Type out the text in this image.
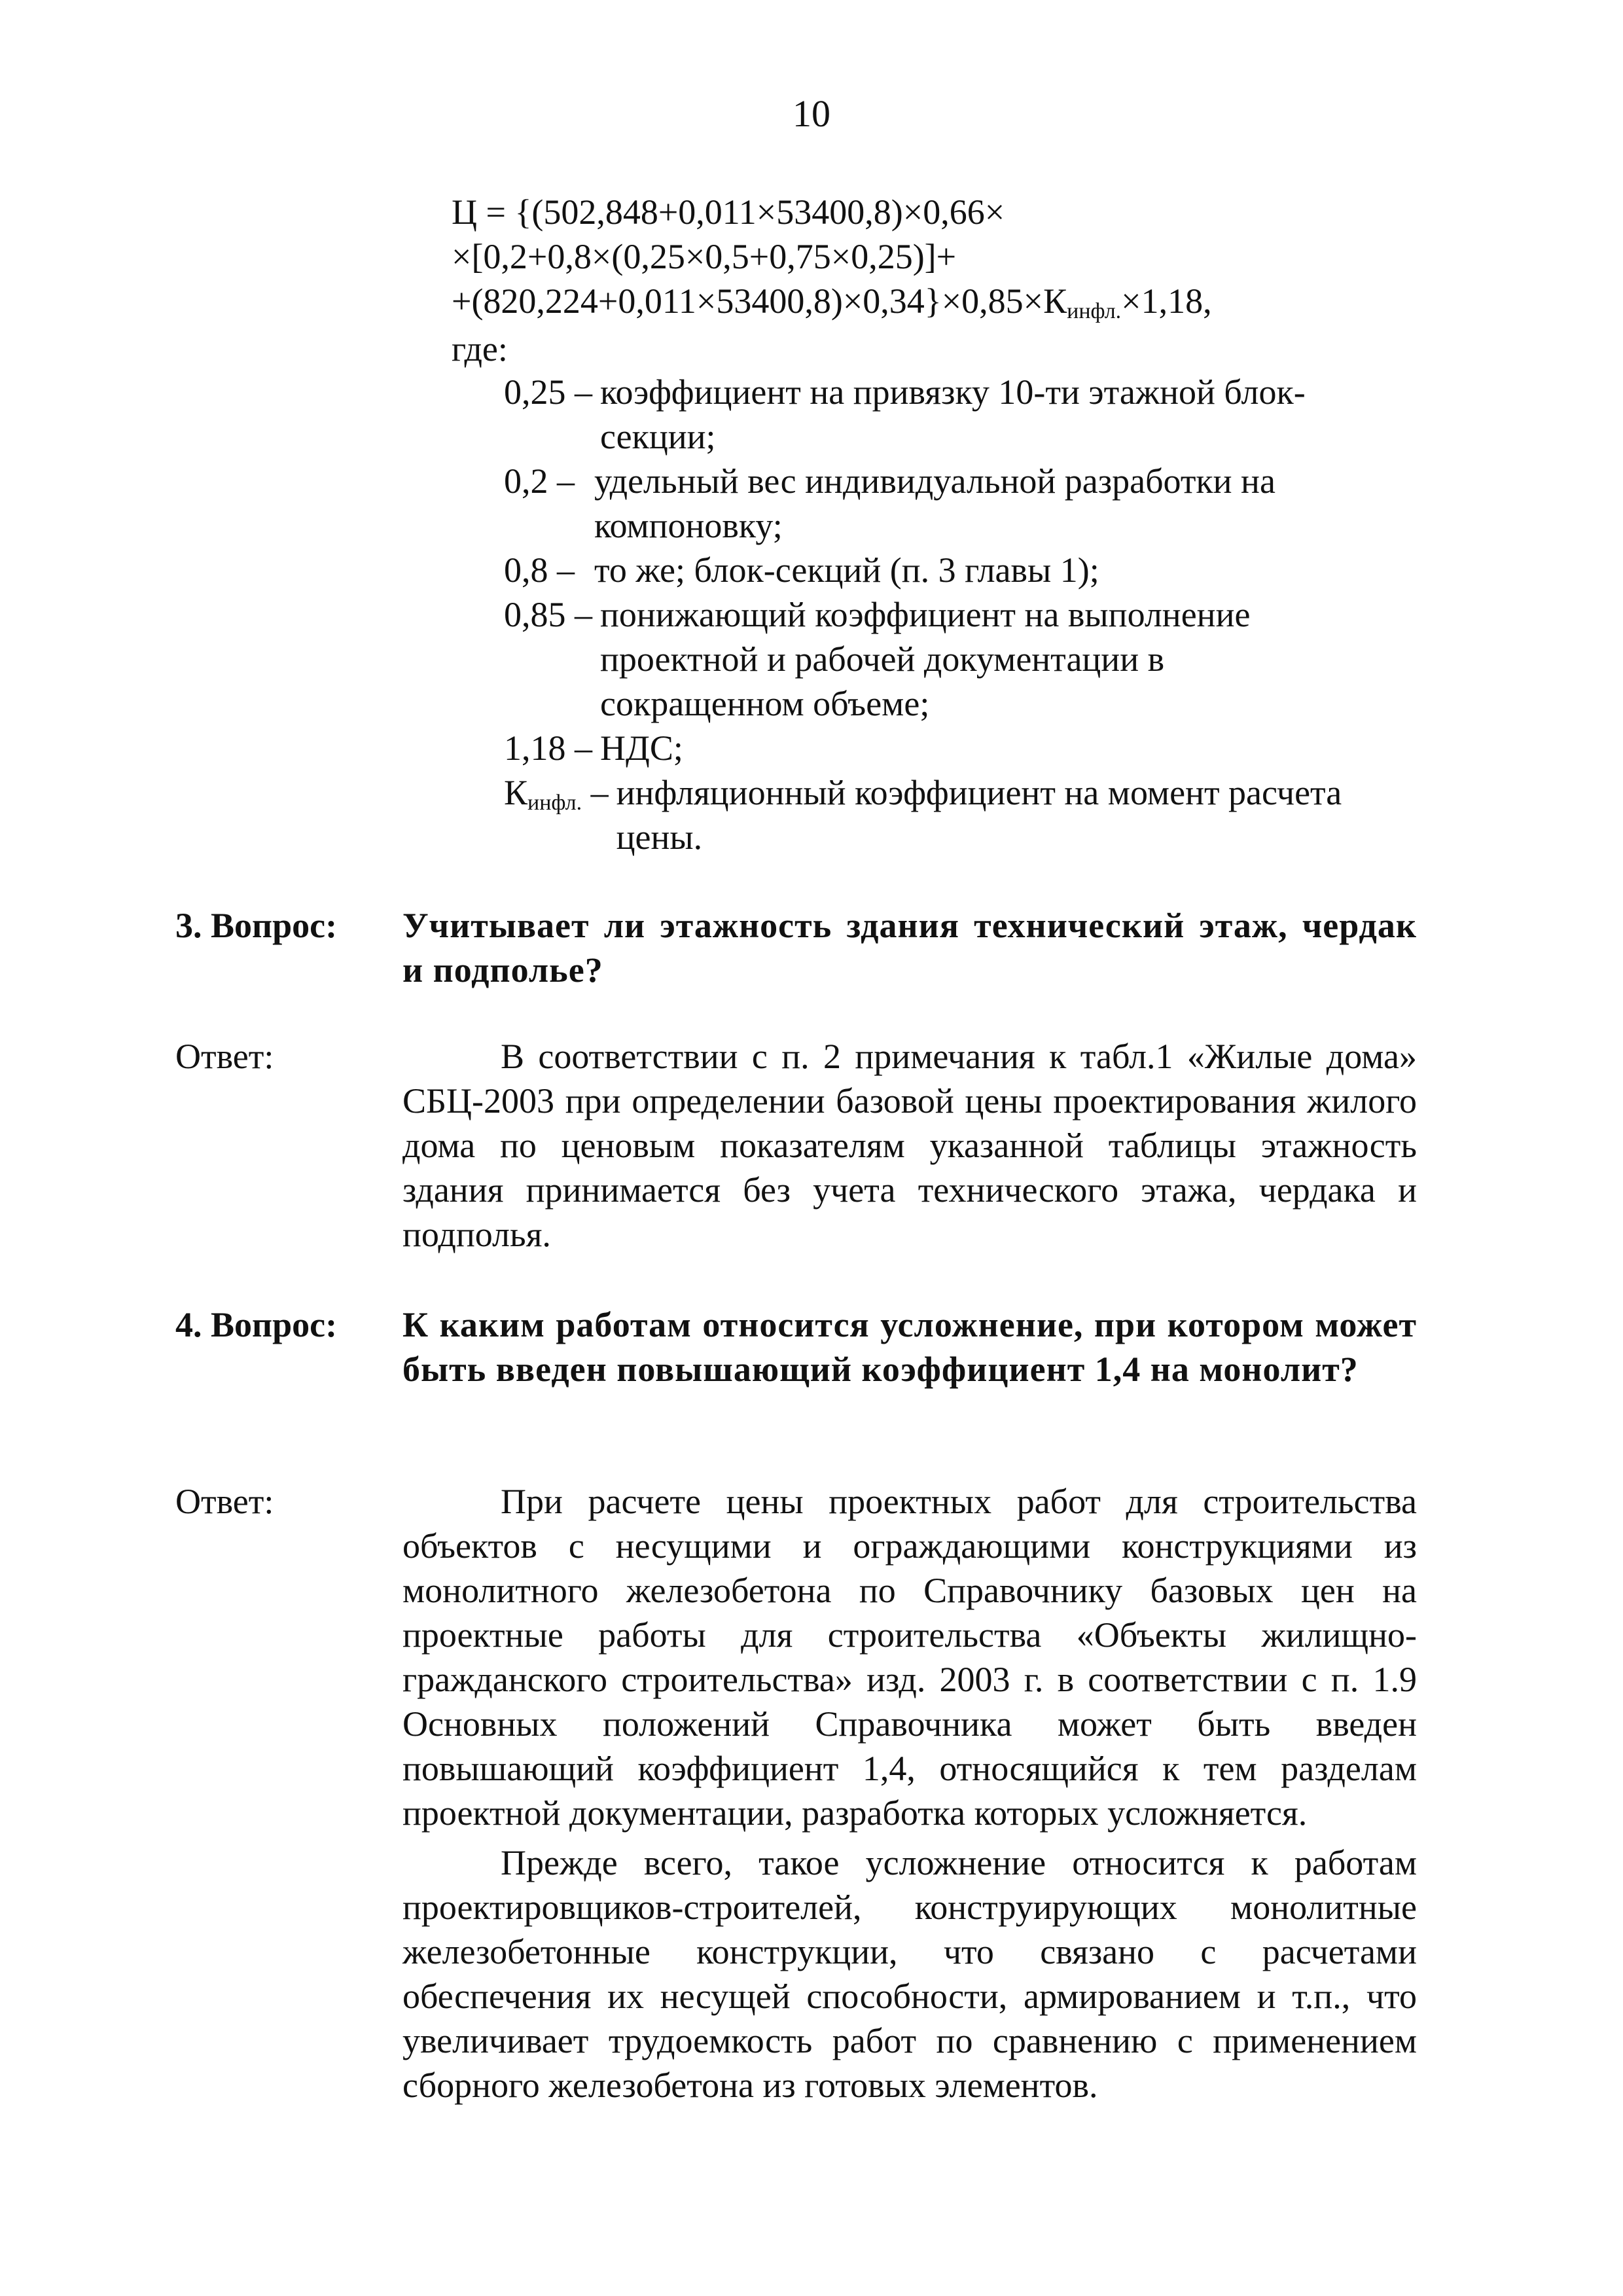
10
Ц = {(502,848+0,011×53400,8)×0,66×
×[0,2+0,8×(0,25×0,5+0,75×0,25)]+
$+(820,224+0,011\times 53400,8)\times 0,34\}\times 0,85\times К_{инфл.}\times 1,18$,
где:
0,25 – коэффициент на привязку 10-ти этажной блок-секции;
0,2 – удельный вес индивидуальной разработки на компоновку;
0,8 – то же; блок-секций (п. 3 главы 1);
0,85 – понижающий коэффициент на выполнение проектной и рабочей документации в сокращенном объеме;
1,18 – НДС;
$К_{инфл.}$ – инфляционный коэффициент на момент расчета цены.
3. Вопрос: Учитывает ли этажность здания технический этаж, чердак и подполье?
Ответ:	В соответствии с п. 2 примечания к табл.1 «Жилые дома» СБЦ-2003 при определении базовой цены проектирования жилого дома по ценовым показателям указанной таблицы этажность здания принимается без учета технического этажа, чердака и подполья.

4. Вопрос: К каким работам относится усложнение, при котором может быть введен повышающий коэффициент 1,4 на монолит?
Ответ:	При расчете цены проектных работ для строительства объектов с несущими и ограждающими конструкциями из монолитного железобетона по Справочнику базовых цен на проектные работы для строительства «Объекты жилищно-гражданского строительства» изд. 2003 г. в соответствии с п. 1.9 Основных положений Справочника может быть введен повышающий коэффициент 1,4, относящийся к тем разделам проектной документации, разработка которых усложняется.

Прежде всего, такое усложнение относится к работам проектировщиков-строителей, конструирующих монолитные железобетонные конструкции, что связано с расчетами обеспечения их несущей способности, армированием и т.п., что увеличивает трудоемкость работ по сравнению с применением сборного железобетона из готовых элементов.
